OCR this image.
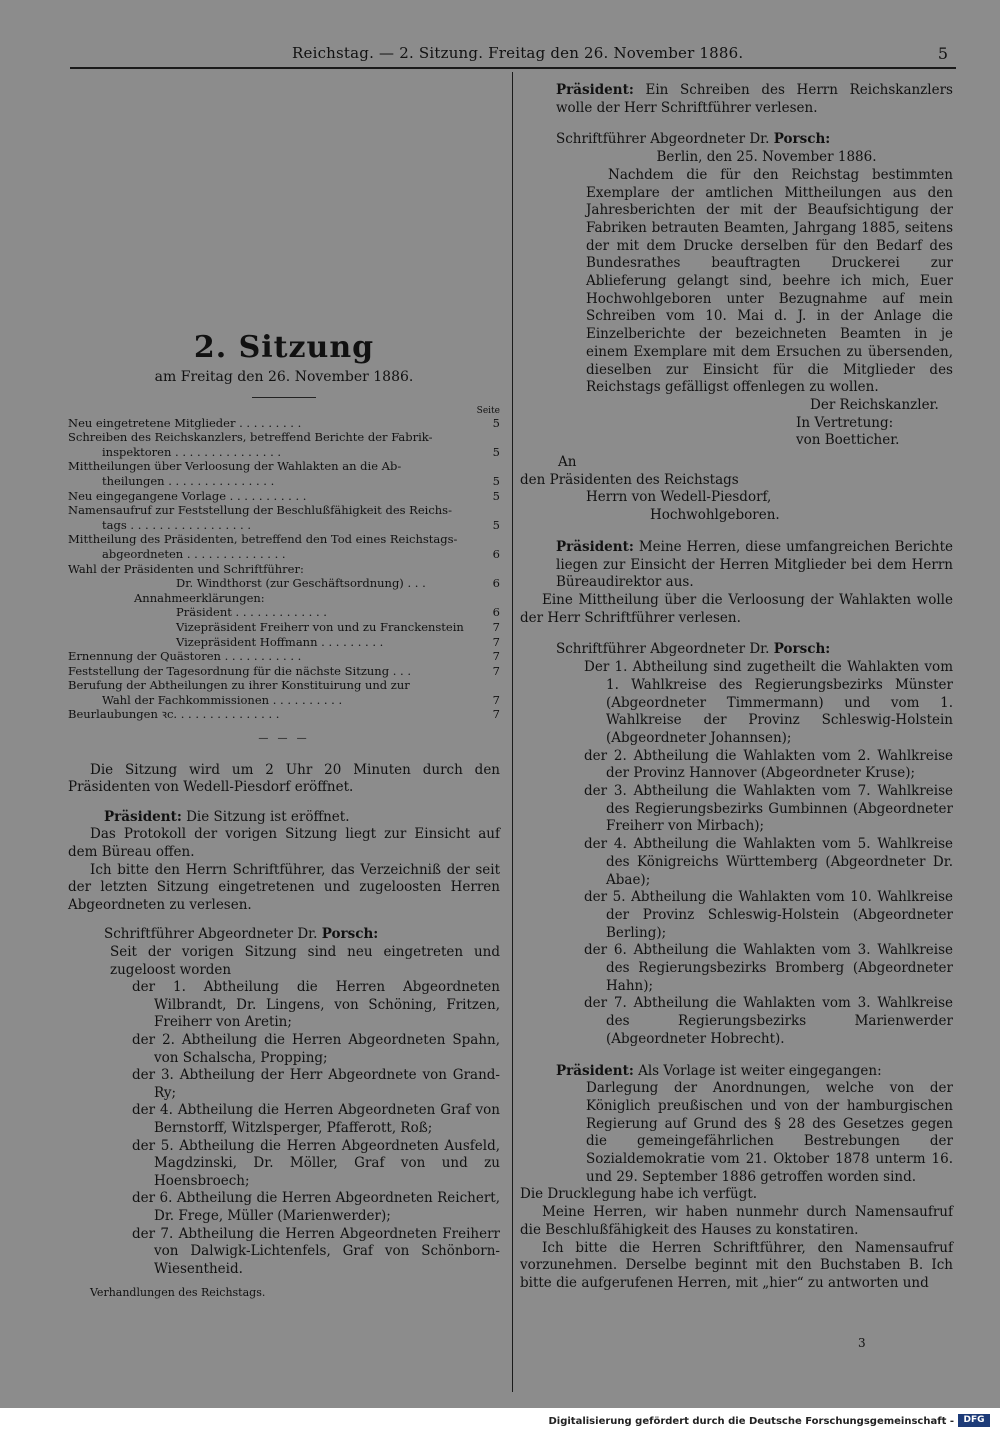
Reichstag. — 2. Sitzung. Freitag den 26. November 1886.	5
2. Sitzung
am Freitag den 26. November 1886.
Seite
Neu eingetretene Mitglieder . . . . . . . . .	5
Schreiben des Reichskanzlers, betreffend Berichte der Fabrik-
inspektoren . . . . . . . . . . . . . . .	5
Mittheilungen über Verloosung der Wahlakten an die Ab-
theilungen . . . . . . . . . . . . . . .	5
Neu eingegangene Vorlage . . . . . . . . . . .	5
Namensaufruf zur Feststellung der Beschlußfähigkeit des Reichs-
tags . . . . . . . . . . . . . . . . .	5
Mittheilung des Präsidenten, betreffend den Tod eines Reichstags-
abgeordneten . . . . . . . . . . . . . .	6
Wahl der Präsidenten und Schriftführer:
Dr. Windthorst (zur Geschäftsordnung) . . .	6
Annahmeerklärungen:
Präsident . . . . . . . . . . . . .	6
Vizepräsident Freiherr von und zu Franckenstein	7
Vizepräsident Hoffmann . . . . . . . . .	7
Ernennung der Quästoren . . . . . . . . . . .	7
Feststellung der Tagesordnung für die nächste Sitzung . . .	7
Berufung der Abtheilungen zu ihrer Konstituirung und zur
Wahl der Fachkommissionen . . . . . . . . . .	7
Beurlaubungen ꝛc. . . . . . . . . . . . . . .	7
— — —

Die Sitzung wird um 2 Uhr 20 Minuten durch den Präsidenten von Wedell-Piesdorf eröffnet.

Präsident: Die Sitzung ist eröffnet.

Das Protokoll der vorigen Sitzung liegt zur Einsicht auf dem Büreau offen.

Ich bitte den Herrn Schriftführer, das Verzeichniß der seit der letzten Sitzung eingetretenen und zugeloosten Herren Abgeordneten zu verlesen.

Schriftführer Abgeordneter Dr. Porsch:

Seit der vorigen Sitzung sind neu eingetreten und zugeloost worden

der 1. Abtheilung die Herren Abgeordneten Wilbrandt, Dr. Lingens, von Schöning, Fritzen, Freiherr von Aretin;

der 2. Abtheilung die Herren Abgeordneten Spahn, von Schalscha, Propping;

der 3. Abtheilung der Herr Abgeordnete von Grand-Ry;

der 4. Abtheilung die Herren Abgeordneten Graf von Bernstorff, Witzlsperger, Pfafferott, Roß;

der 5. Abtheilung die Herren Abgeordneten Ausfeld, Magdzinski, Dr. Möller, Graf von und zu Hoensbroech;

der 6. Abtheilung die Herren Abgeordneten Reichert, Dr. Frege, Müller (Marienwerder);

der 7. Abtheilung die Herren Abgeordneten Freiherr von Dalwigk-Lichtenfels, Graf von Schönborn-Wiesentheid.

Verhandlungen des Reichstags.

Präsident: Ein Schreiben des Herrn Reichskanzlers wolle der Herr Schriftführer verlesen.

Schriftführer Abgeordneter Dr. Porsch:

Berlin, den 25. November 1886.

Nachdem die für den Reichstag bestimmten Exemplare der amtlichen Mittheilungen aus den Jahresberichten der mit der Beaufsichtigung der Fabriken betrauten Beamten, Jahrgang 1885, seitens der mit dem Drucke derselben für den Bedarf des Bundesrathes beauftragten Druckerei zur Ablieferung gelangt sind, beehre ich mich, Euer Hochwohlgeboren unter Bezugnahme auf mein Schreiben vom 10. Mai d. J. in der Anlage die Einzelberichte der bezeichneten Beamten in je einem Exemplare mit dem Ersuchen zu übersenden, dieselben zur Einsicht für die Mitglieder des Reichstags gefälligst offenlegen zu wollen.

Der Reichskanzler.

In Vertretung:

von Boetticher.

An

den Präsidenten des Reichstags

Herrn von Wedell-Piesdorf,

Hochwohlgeboren.

Präsident: Meine Herren, diese umfangreichen Berichte liegen zur Einsicht der Herren Mitglieder bei dem Herrn Büreaudirektor aus.

Eine Mittheilung über die Verloosung der Wahlakten wolle der Herr Schriftführer verlesen.

Schriftführer Abgeordneter Dr. Porsch:

Der 1. Abtheilung sind zugetheilt die Wahlakten vom 1. Wahlkreise des Regierungsbezirks Münster (Abgeordneter Timmermann) und vom 1. Wahlkreise der Provinz Schleswig-Holstein (Abgeordneter Johannsen);

der 2. Abtheilung die Wahlakten vom 2. Wahlkreise der Provinz Hannover (Abgeordneter Kruse);

der 3. Abtheilung die Wahlakten vom 7. Wahlkreise des Regierungsbezirks Gumbinnen (Abgeordneter Freiherr von Mirbach);

der 4. Abtheilung die Wahlakten vom 5. Wahlkreise des Königreichs Württemberg (Abgeordneter Dr. Abae);

der 5. Abtheilung die Wahlakten vom 10. Wahlkreise der Provinz Schleswig-Holstein (Abgeordneter Berling);

der 6. Abtheilung die Wahlakten vom 3. Wahlkreise des Regierungsbezirks Bromberg (Abgeordneter Hahn);

der 7. Abtheilung die Wahlakten vom 3. Wahlkreise des Regierungsbezirks Marienwerder (Abgeordneter Hobrecht).

Präsident: Als Vorlage ist weiter eingegangen:

Darlegung der Anordnungen, welche von der Königlich preußischen und von der hamburgischen Regierung auf Grund des § 28 des Gesetzes gegen die gemeingefährlichen Bestrebungen der Sozialdemokratie vom 21. Oktober 1878 unterm 16. und 29. September 1886 getroffen worden sind.

Die Drucklegung habe ich verfügt.

Meine Herren, wir haben nunmehr durch Namensaufruf die Beschlußfähigkeit des Hauses zu konstatiren.

Ich bitte die Herren Schriftführer, den Namensaufruf vorzunehmen. Derselbe beginnt mit den Buchstaben B. Ich bitte die aufgerufenen Herren, mit „hier“ zu antworten und

3
Digitalisierung gefördert durch die Deutsche Forschungsgemeinschaft -	DFG
